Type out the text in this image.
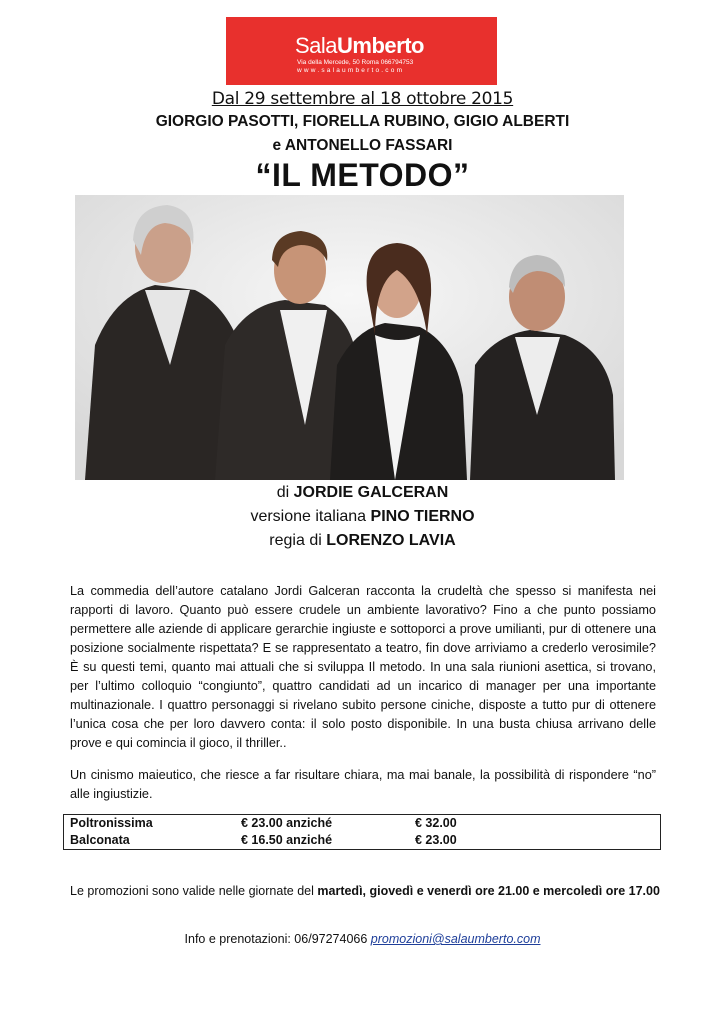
SalaUmberto
Via della Mercede, 50 Roma 066794753
www.salaumberto.com
Dal 29 settembre al 18 ottobre 2015
GIORGIO PASOTTI, FIORELLA RUBINO, GIGIO ALBERTI
e ANTONELLO FASSARI
“IL METODO”
di JORDIE GALCERAN
versione italiana PINO TIERNO
regia di LORENZO LAVIA
La commedia dell’autore catalano Jordi Galceran racconta la crudeltà che spesso si manifesta nei rapporti di lavoro. Quanto può essere crudele un ambiente lavorativo? Fino a che punto possiamo permettere alle aziende di applicare gerarchie ingiuste e sottoporci a prove umilianti, pur di ottenere una posizione socialmente rispettata? E se rappresentato a teatro, fin dove arriviamo a crederlo verosimile? È su questi temi, quanto mai attuali che si sviluppa Il metodo. In una sala riunioni asettica, si trovano, per l’ultimo colloquio “congiunto”, quattro candidati ad un incarico di manager per una importante multinazionale. I quattro personaggi si rivelano subito persone ciniche, disposte a tutto pur di ottenere l’unica cosa che per loro davvero conta: il solo posto disponibile. In una busta chiusa arrivano delle prove e qui comincia il gioco, il thriller..
Un cinismo maieutico, che riesce a far risultare chiara, ma mai banale, la possibilità di rispondere “no” alle ingiustizie.
Poltronissima	€ 23.00 anziché	€ 32.00
Balconata	€ 16.50 anziché	€ 23.00
Le promozioni sono valide nelle giornate del martedì, giovedì e venerdì ore 21.00 e mercoledì ore 17.00
Info e prenotazioni: 06/97274066 promozioni@salaumberto.com
